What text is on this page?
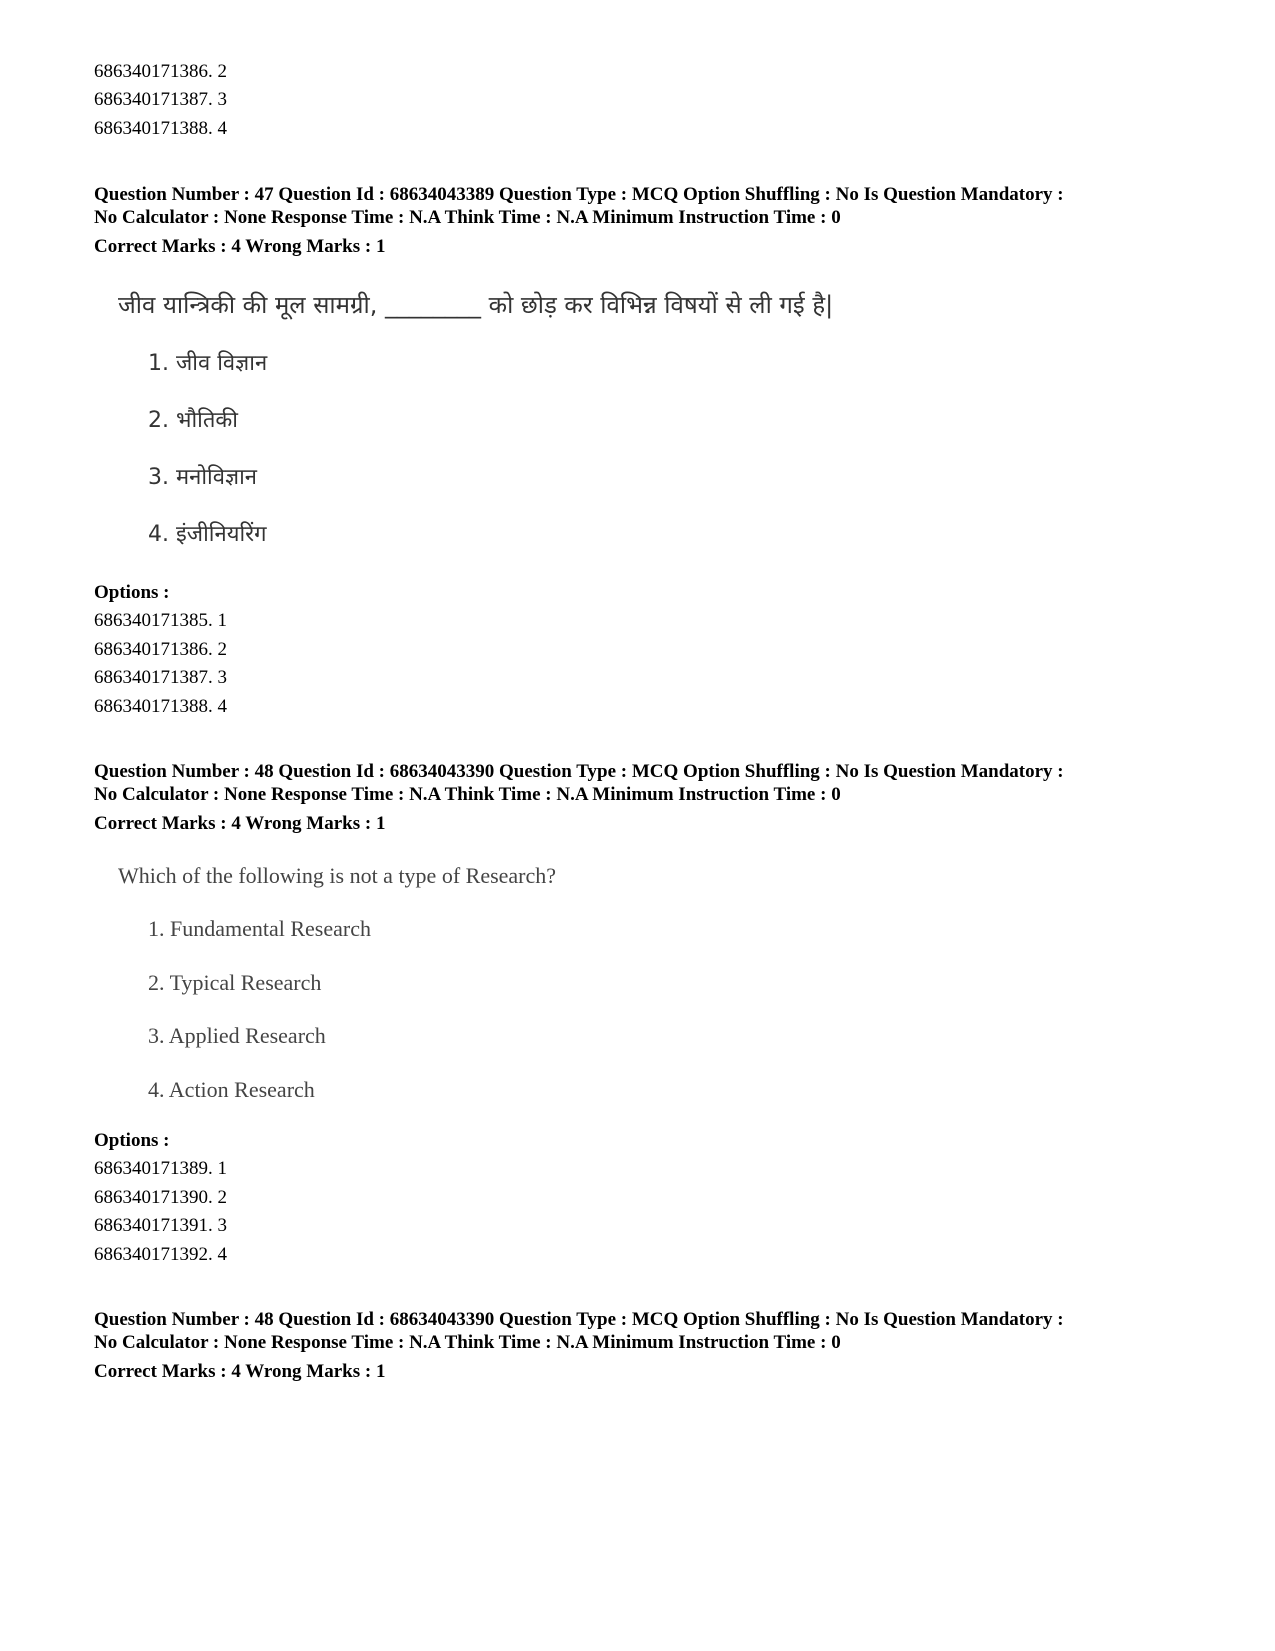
686340171386. 2
686340171387. 3
686340171388. 4
Question Number : 47 Question Id : 68634043389 Question Type : MCQ Option Shuffling : No Is Question Mandatory :
No Calculator : None Response Time : N.A Think Time : N.A Minimum Instruction Time : 0
Correct Marks : 4 Wrong Marks : 1
जीव यान्त्रिकी की मूल सामग्री, ________ को छोड़ कर विभिन्न विषयों से ली गई है|
1. जीव विज्ञान
2. भौतिकी
3. मनोविज्ञान
4. इंजीनियरिंग
Options :
686340171385. 1
686340171386. 2
686340171387. 3
686340171388. 4
Question Number : 48 Question Id : 68634043390 Question Type : MCQ Option Shuffling : No Is Question Mandatory :
No Calculator : None Response Time : N.A Think Time : N.A Minimum Instruction Time : 0
Correct Marks : 4 Wrong Marks : 1
Which of the following is not a type of Research?
1. Fundamental Research
2. Typical Research
3. Applied Research
4. Action Research
Options :
686340171389. 1
686340171390. 2
686340171391. 3
686340171392. 4
Question Number : 48 Question Id : 68634043390 Question Type : MCQ Option Shuffling : No Is Question Mandatory :
No Calculator : None Response Time : N.A Think Time : N.A Minimum Instruction Time : 0
Correct Marks : 4 Wrong Marks : 1
